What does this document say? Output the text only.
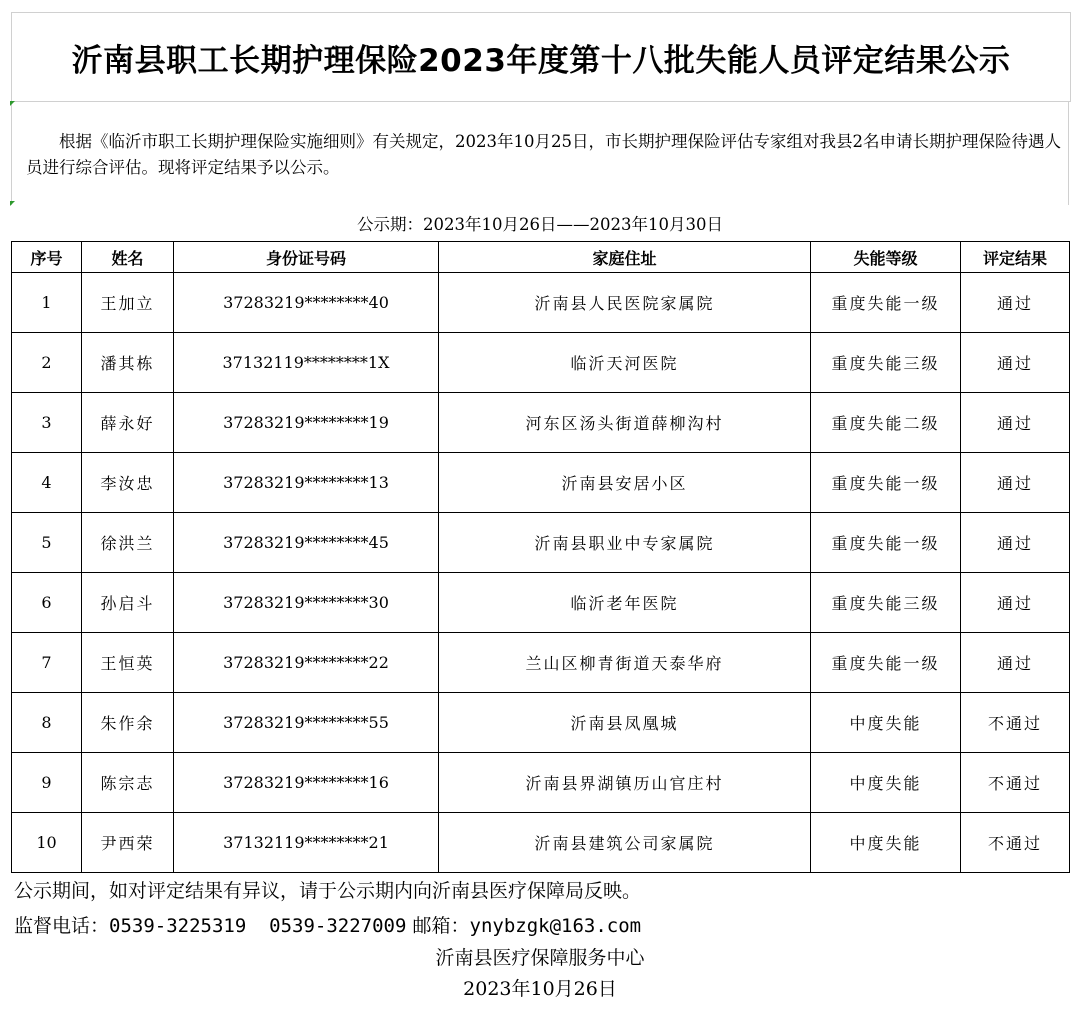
沂南县职工长期护理保险2023年度第十八批失能人员评定结果公示

根据《临沂市职工长期护理保险实施细则》有关规定，2023年10月25日，市长期护理保险评估专家组对我县2名申请长期护理保险待遇人员进行综合评估。现将评定结果予以公示。

公示期：2023年10月26日——2023年10月30日
序号	姓名	身份证号码	家庭住址	失能等级	评定结果
1	王加立	37283219********40	沂南县人民医院家属院	重度失能一级	通过
2	潘其栋	37132119********1X	临沂天河医院	重度失能三级	通过
3	薛永好	37283219********19	河东区汤头街道薛柳沟村	重度失能二级	通过
4	李汝忠	37283219********13	沂南县安居小区	重度失能一级	通过
5	徐洪兰	37283219********45	沂南县职业中专家属院	重度失能一级	通过
6	孙启斗	37283219********30	临沂老年医院	重度失能三级	通过
7	王恒英	37283219********22	兰山区柳青街道天泰华府	重度失能一级	通过
8	朱作余	37283219********55	沂南县凤凰城	中度失能	不通过
9	陈宗志	37283219********16	沂南县界湖镇历山官庄村	中度失能	不通过
10	尹西荣	37132119********21	沂南县建筑公司家属院	中度失能	不通过
公示期间，如对评定结果有异议，请于公示期内向沂南县医疗保障局反映。
监督电话：0539-3225319  0539-3227009 邮箱：ynybzgk@163.com
沂南县医疗保障服务中心
2023年10月26日
